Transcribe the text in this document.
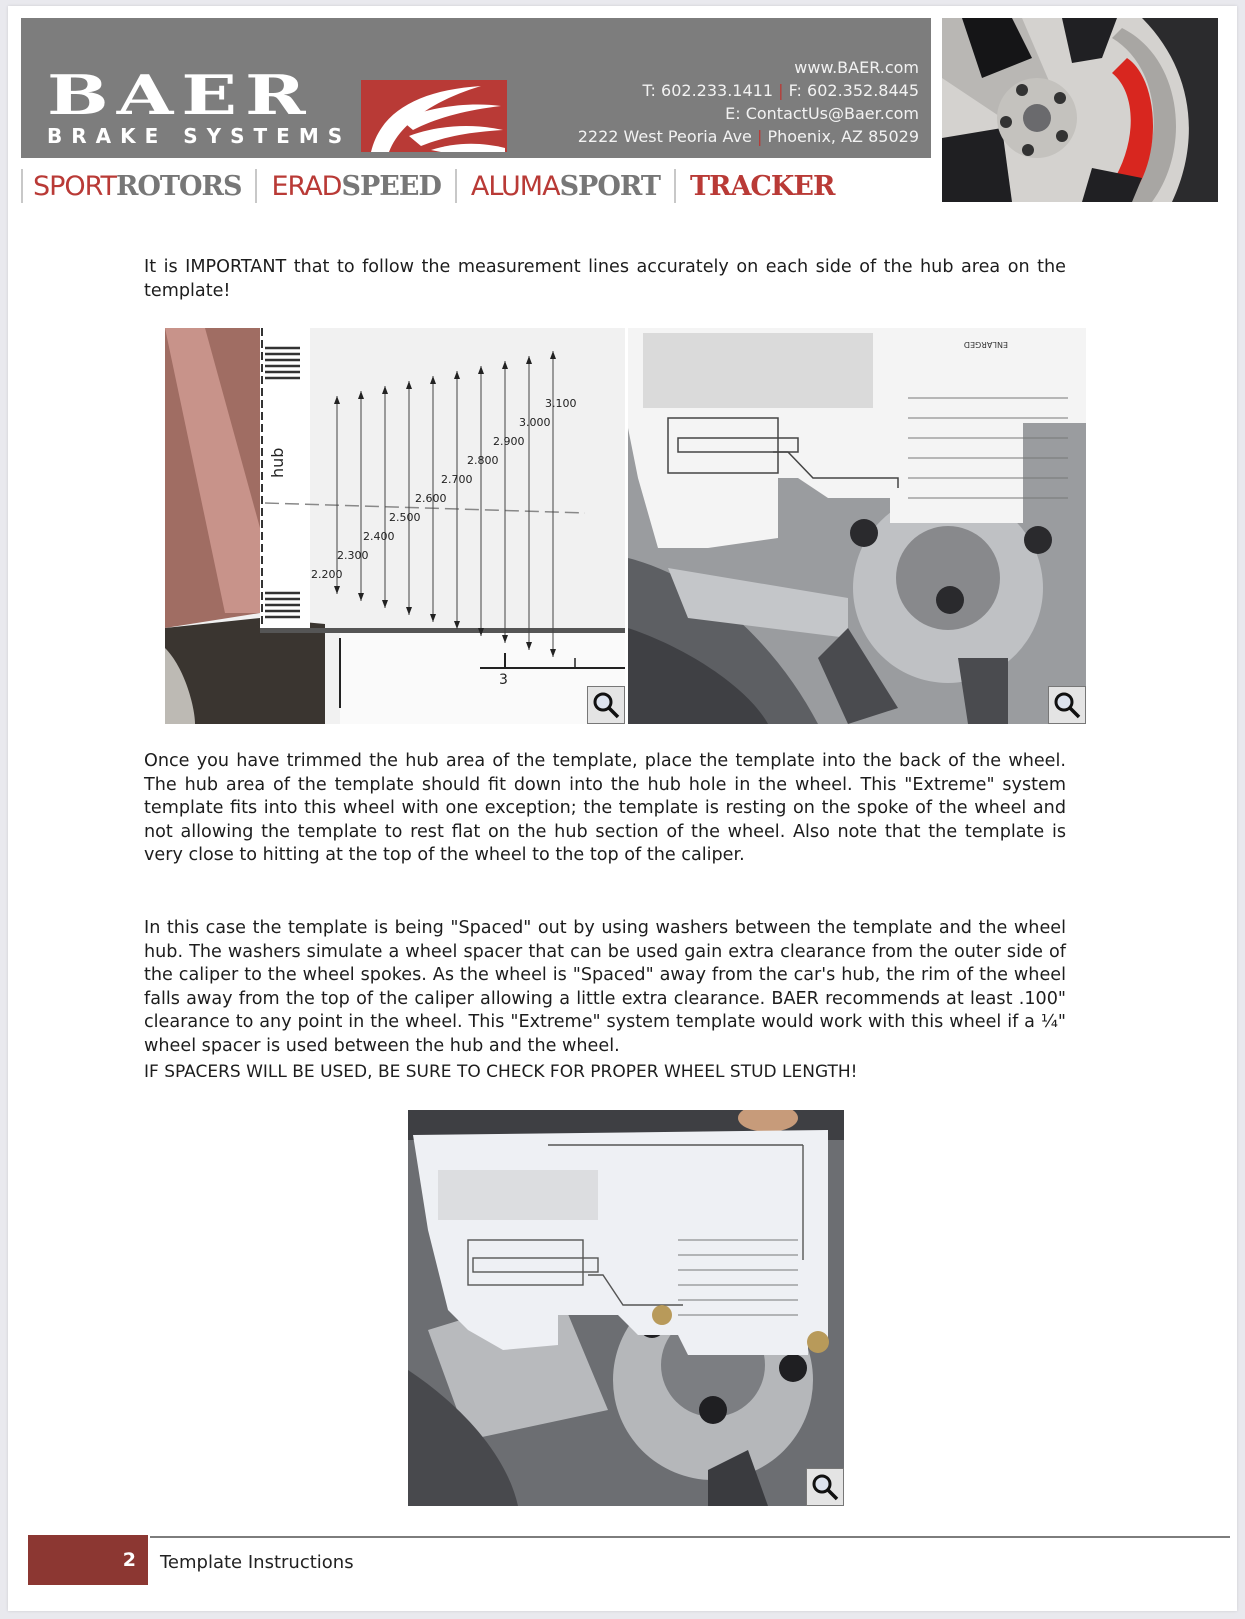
BAER
BRAKE SYSTEMS
www.BAER.com
T: 602.233.1411 | F: 602.352.8445
E: ContactUs@Baer.com
2222 West Peoria Ave | Phoenix, AZ 85029
SPORTROTORS ERADSPEED ALUMASPORT TRACKER
It is IMPORTANT that to follow the measurement lines accurately on each side of the hub area on the template!
2.200
2.300
2.400
2.500
2.600
2.700
2.800
2.900
3.000
3.100
hub
3
ENLARGED
Once you have trimmed the hub area of the template, place the template into the back of the wheel. The hub area of the template should fit down into the hub hole in the wheel. This "Extreme" system template fits into this wheel with one exception; the template is resting on the spoke of the wheel and not allowing the template to rest flat on the hub section of the wheel. Also note that the template is very close to hitting at the top of the wheel to the top of the caliper.
In this case the template is being "Spaced" out by using washers between the template and the wheel hub. The washers simulate a wheel spacer that can be used gain extra clearance from the outer side of the caliper to the wheel spokes. As the wheel is "Spaced" away from the car's hub, the rim of the wheel falls away from the top of the caliper allowing a little extra clearance. BAER recommends at least .100" clearance to any point in the wheel. This "Extreme" system template would work with this wheel if a ¼" wheel spacer is used between the hub and the wheel.
IF SPACERS WILL BE USED, BE SURE TO CHECK FOR PROPER WHEEL STUD LENGTH!
2	Template Instructions
